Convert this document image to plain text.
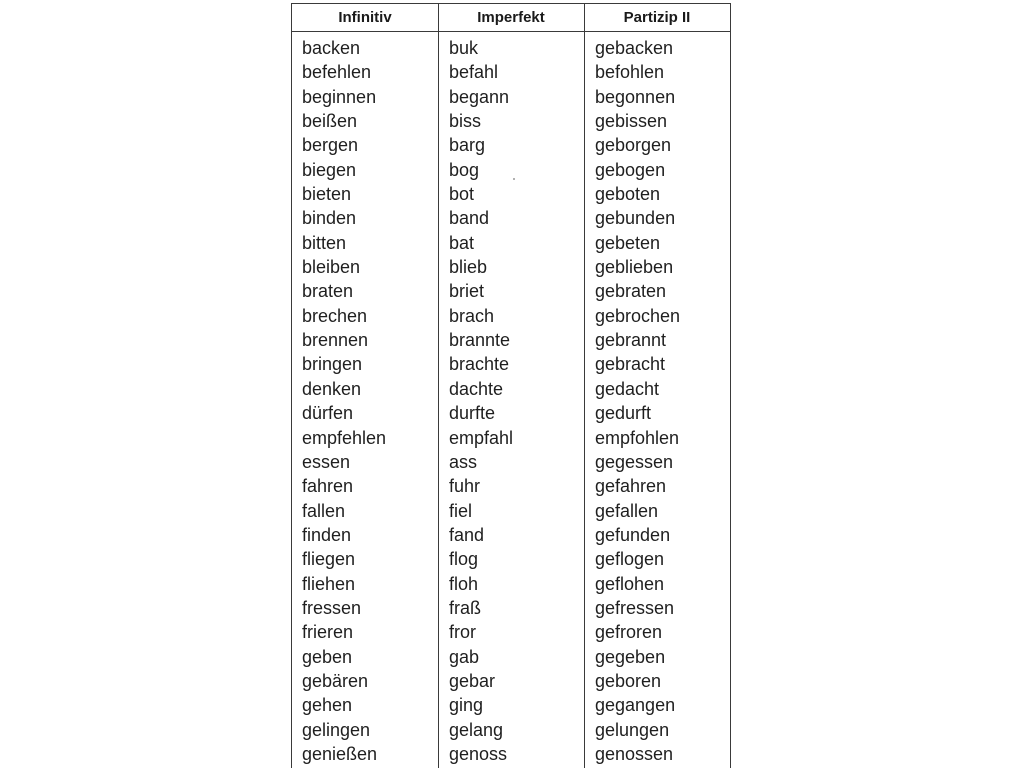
Infinitiv	Imperfekt	Partizip II
backen	buk	gebacken
befehlen	befahl	befohlen
beginnen	begann	begonnen
beißen	biss	gebissen
bergen	barg	geborgen
biegen	bog	gebogen
bieten	bot	geboten
binden	band	gebunden
bitten	bat	gebeten
bleiben	blieb	geblieben
braten	briet	gebraten
brechen	brach	gebrochen
brennen	brannte	gebrannt
bringen	brachte	gebracht
denken	dachte	gedacht
dürfen	durfte	gedurft
empfehlen	empfahl	empfohlen
essen	ass	gegessen
fahren	fuhr	gefahren
fallen	fiel	gefallen
finden	fand	gefunden
fliegen	flog	geflogen
fliehen	floh	geflohen
fressen	fraß	gefressen
frieren	fror	gefroren
geben	gab	gegeben
gebären	gebar	geboren
gehen	ging	gegangen
gelingen	gelang	gelungen
genießen	genoss	genossen
